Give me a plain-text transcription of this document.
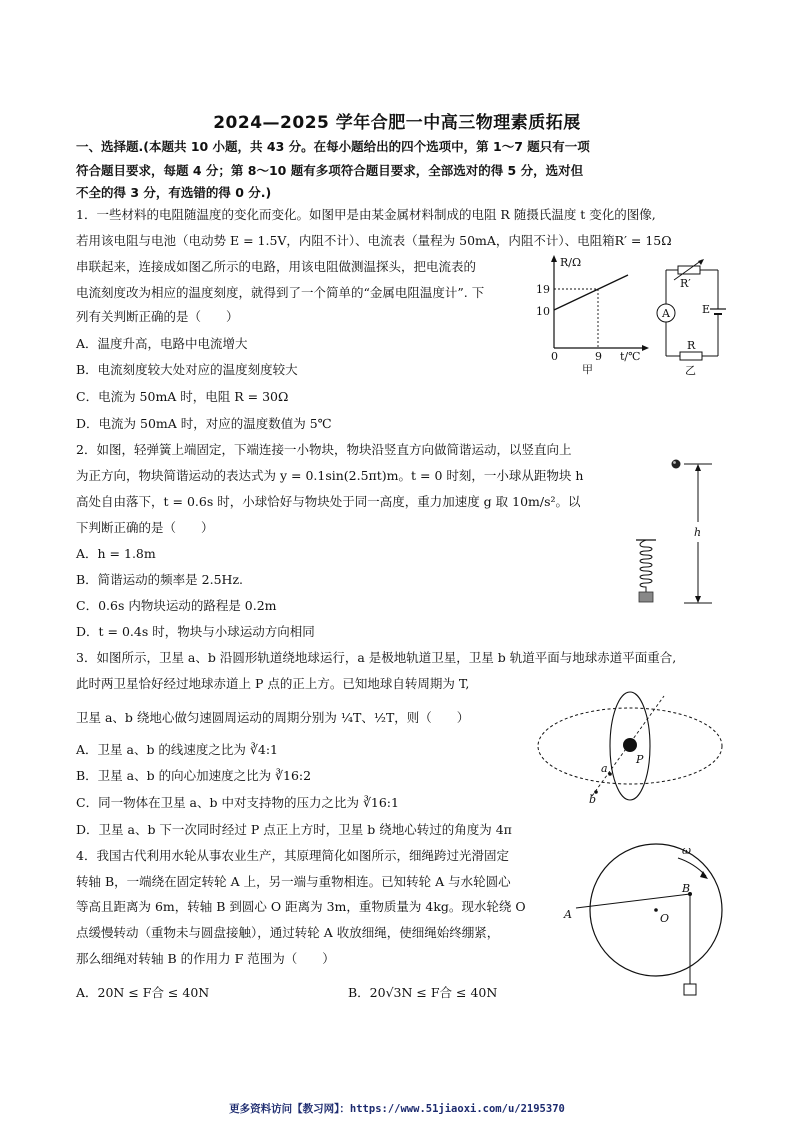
2024—2025 学年合肥一中高三物理素质拓展
一、选择题.(本题共 10 小题，共 43 分。在每小题给出的四个选项中，第 1～7 题只有一项
符合题目要求，每题 4 分；第 8～10 题有多项符合题目要求，全部选对的得 5 分，选对但
不全的得 3 分，有选错的得 0 分.)
1．一些材料的电阻随温度的变化而变化。如图甲是由某金属材料制成的电阻 R 随摄氏温度 t 变化的图像,
若用该电阻与电池（电动势 E = 1.5V，内阻不计）、电流表（量程为 50mA，内阻不计）、电阻箱R′ = 15Ω
串联起来，连接成如图乙所示的电路，用该电阻做测温探头，把电流表的
电流刻度改为相应的温度刻度，就得到了一个简单的“金属电阻温度计”. 下
列有关判断正确的是（　　）
A．温度升高，电路中电流增大
B．电流刻度较大处对应的温度刻度较大
C．电流为 50mA 时，电阻 R = 30Ω
D．电流为 50mA 时，对应的温度数值为 5℃
R/Ω
19
10
0	9 t/℃
甲
R′
A	E
R
乙
2．如图，轻弹簧上端固定，下端连接一小物块，物块沿竖直方向做简谐运动，以竖直向上
为正方向，物块简谐运动的表达式为 y = 0.1sin(2.5πt)m。t = 0 时刻，一小球从距物块 h
高处自由落下，t = 0.6s 时，小球恰好与物块处于同一高度，重力加速度 g 取 10m/s²。以
下判断正确的是（　　）
A．h = 1.8m
B．简谐运动的频率是 2.5Hz.
C．0.6s 内物块运动的路程是 0.2m
D．t = 0.4s 时，物块与小球运动方向相同
h
3．如图所示，卫星 a、b 沿圆形轨道绕地球运行，a 是极地轨道卫星，卫星 b 轨道平面与地球赤道平面重合,
此时两卫星恰好经过地球赤道上 P 点的正上方。已知地球自转周期为 T,
卫星 a、b 绕地心做匀速圆周运动的周期分别为 ¼T、½T，则（　　）
A．卫星 a、b 的线速度之比为 ∛4:1
B．卫星 a、b 的向心加速度之比为 ∛16:2
C．同一物体在卫星 a、b 中对支持物的压力之比为 ∛16:1
D．卫星 a、b 下一次同时经过 P 点正上方时，卫星 b 绕地心转过的角度为 4π
P
a
b
4．我国古代利用水轮从事农业生产，其原理简化如图所示，细绳跨过光滑固定
转轴 B，一端绕在固定转轮 A 上，另一端与重物相连。已知转轮 A 与水轮圆心
等高且距离为 6m，转轴 B 到圆心 O 距离为 3m，重物质量为 4kg。现水轮绕 O
点缓慢转动（重物未与圆盘接触），通过转轮 A 收放细绳，使细绳始终绷紧，
那么细绳对转轴 B 的作用力 F 范围为（　　）
A．20N ≤ F合 ≤ 40N	B．20√3N ≤ F合 ≤ 40N
ω
A
B
O
更多资料访问【教习网】：https://www.51jiaoxi.com/u/2195370
